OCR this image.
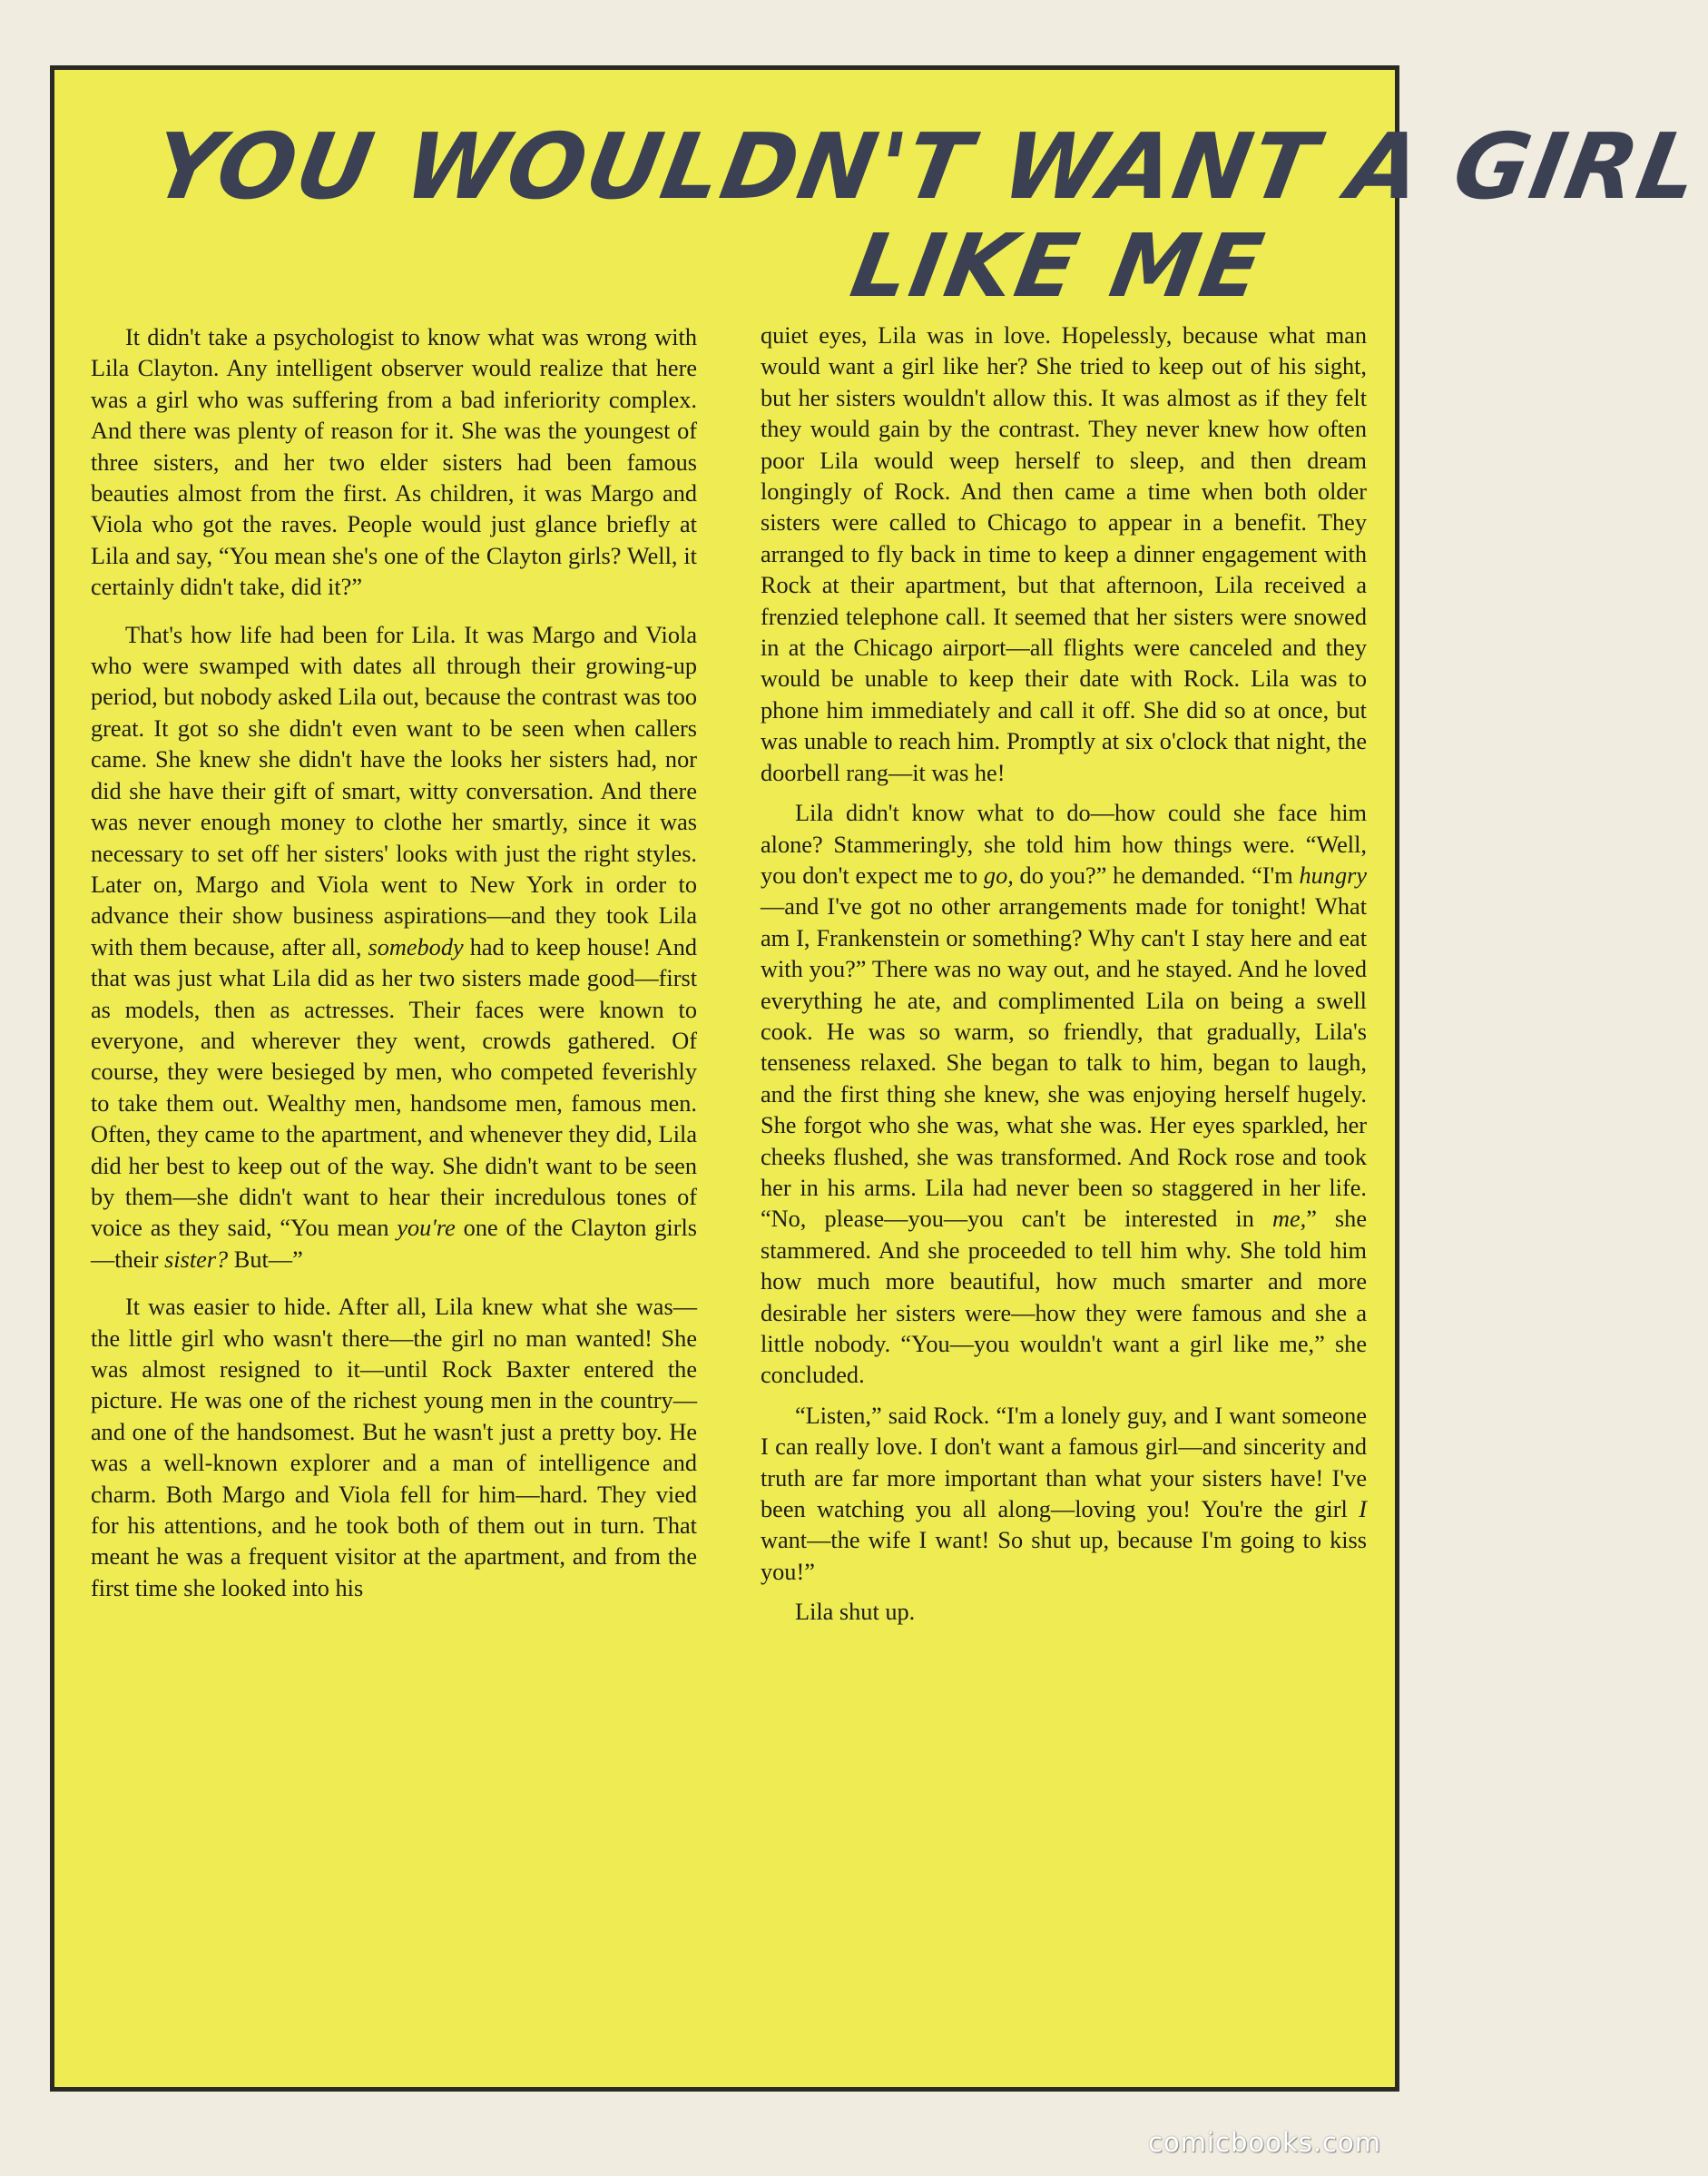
YOU WOULDN'T WANT A GIRL
LIKE ME

It didn't take a psychologist to know what was wrong with Lila Clayton. Any intelligent observer would realize that here was a girl who was suffering from a bad inferiority complex. And there was plenty of reason for it. She was the youngest of three sisters, and her two elder sisters had been famous beauties almost from the first. As children, it was Margo and Viola who got the raves. People would just glance briefly at Lila and say, “You mean she's one of the Clayton girls? Well, it certainly didn't take, did it?”

That's how life had been for Lila. It was Margo and Viola who were swamped with dates all through their growing-up period, but nobody asked Lila out, because the contrast was too great. It got so she didn't even want to be seen when callers came. She knew she didn't have the looks her sisters had, nor did she have their gift of smart, witty conversation. And there was never enough money to clothe her smartly, since it was necessary to set off her sisters' looks with just the right styles. Later on, Margo and Viola went to New York in order to advance their show business aspirations—and they took Lila with them because, after all, somebody had to keep house! And that was just what Lila did as her two sisters made good—first as models, then as actresses. Their faces were known to everyone, and wherever they went, crowds gathered. Of course, they were besieged by men, who competed feverishly to take them out. Wealthy men, handsome men, famous men. Often, they came to the apartment, and whenever they did, Lila did her best to keep out of the way. She didn't want to be seen by them—she didn't want to hear their incredulous tones of voice as they said, “You mean you're one of the Clayton girls—their sister? But—”

It was easier to hide. After all, Lila knew what she was—the little girl who wasn't there—the girl no man wanted! She was almost resigned to it—until Rock Baxter entered the picture. He was one of the richest young men in the country—and one of the handsomest. But he wasn't just a pretty boy. He was a well-known explorer and a man of intelligence and charm. Both Margo and Viola fell for him—hard. They vied for his attentions, and he took both of them out in turn. That meant he was a frequent visitor at the apartment, and from the first time she looked into his

quiet eyes, Lila was in love. Hopelessly, because what man would want a girl like her? She tried to keep out of his sight, but her sisters wouldn't allow this. It was almost as if they felt they would gain by the contrast. They never knew how often poor Lila would weep herself to sleep, and then dream longingly of Rock. And then came a time when both older sisters were called to Chicago to appear in a benefit. They arranged to fly back in time to keep a dinner engagement with Rock at their apartment, but that afternoon, Lila received a frenzied telephone call. It seemed that her sisters were snowed in at the Chicago airport—all flights were canceled and they would be unable to keep their date with Rock. Lila was to phone him immediately and call it off. She did so at once, but was unable to reach him. Promptly at six o'clock that night, the doorbell rang—it was he!

Lila didn't know what to do—how could she face him alone? Stammeringly, she told him how things were. “Well, you don't expect me to go, do you?” he demanded. “I'm hungry—and I've got no other arrangements made for tonight! What am I, Frankenstein or something? Why can't I stay here and eat with you?” There was no way out, and he stayed. And he loved everything he ate, and complimented Lila on being a swell cook. He was so warm, so friendly, that gradually, Lila's tenseness relaxed. She began to talk to him, began to laugh, and the first thing she knew, she was enjoying herself hugely. She forgot who she was, what she was. Her eyes sparkled, her cheeks flushed, she was transformed. And Rock rose and took her in his arms. Lila had never been so staggered in her life. “No, please—you—you can't be interested in me,” she stammered. And she proceeded to tell him why. She told him how much more beautiful, how much smarter and more desirable her sisters were—how they were famous and she a little nobody. “You—you wouldn't want a girl like me,” she concluded.

“Listen,” said Rock. “I'm a lonely guy, and I want someone I can really love. I don't want a famous girl—and sincerity and truth are far more important than what your sisters have! I've been watching you all along—loving you! You're the girl I want—the wife I want! So shut up, because I'm going to kiss you!”

Lila shut up.

comicbooks.com
